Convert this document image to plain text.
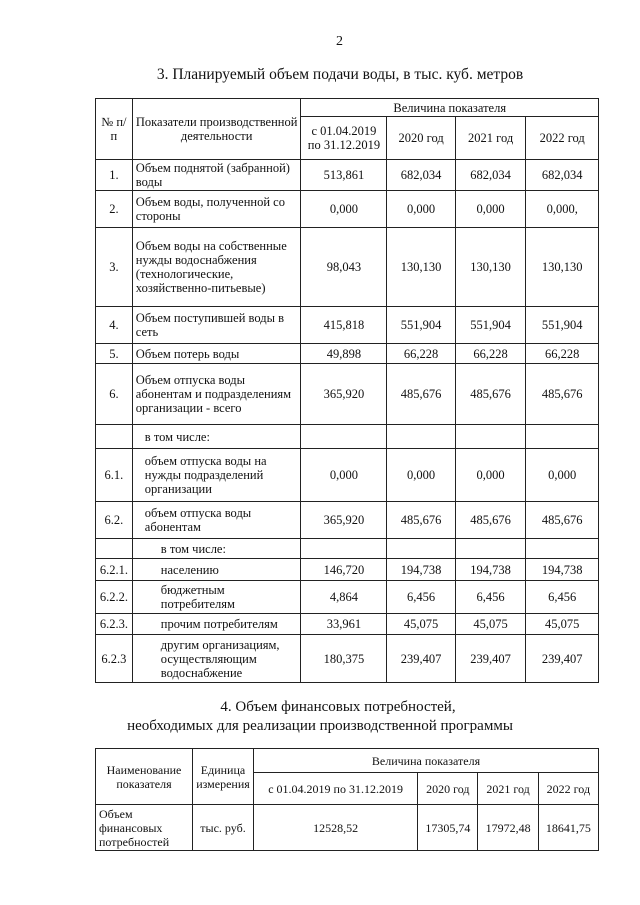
2
3. Планируемый объем подачи воды, в тыс. куб. метров
№ п/п	Показатели производственной деятельности	Величина показателя			
		с 01.04.2019 по 31.12.2019	2020 год	2021 год	2022 год
1.	Объем поднятой (забранной) воды	513,861	682,034	682,034	682,034
2.	Объем воды, полученной со стороны	0,000	0,000	0,000	0,000,
3.	Объем воды на собственные нужды водоснабжения (технологические, хозяйственно-питьевые)	98,043	130,130	130,130	130,130
4.	Объем поступившей воды в сеть	415,818	551,904	551,904	551,904
5.	Объем потерь воды	49,898	66,228	66,228	66,228
6.	Объем отпуска воды абонентам и подразделениям организации - всего	365,920	485,676	485,676	485,676
	в том числе:				
6.1.	объем отпуска воды на нужды подразделений организации	0,000	0,000	0,000	0,000
6.2.	объем отпуска воды абонентам	365,920	485,676	485,676	485,676
	в том числе:				
6.2.1.	населению	146,720	194,738	194,738	194,738
6.2.2.	бюджетным потребителям	4,864	6,456	6,456	6,456
6.2.3.	прочим потребителям	33,961	45,075	45,075	45,075
6.2.3	другим организациям, осуществляющим водоснабжение	180,375	239,407	239,407	239,407
4. Объем финансовых потребностей,
необходимых для реализации производственной программы
Наименование показателя	Единица измерения	Величина показателя			
		с 01.04.2019 по 31.12.2019	2020 год	2021 год	2022 год
Объем финансовых потребностей	тыс. руб.	12528,52	17305,74	17972,48	18641,75
